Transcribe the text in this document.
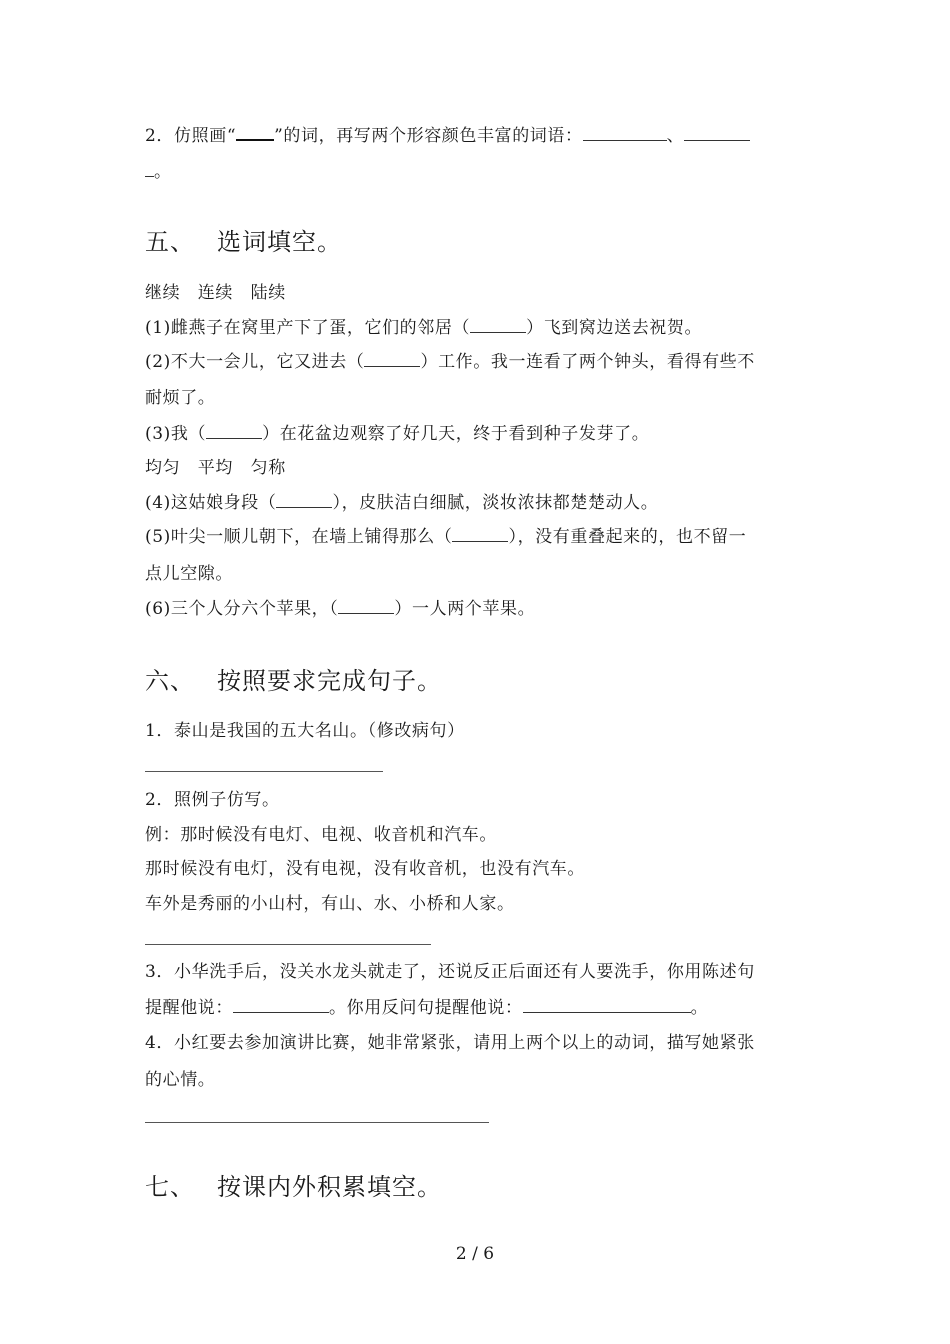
2．仿照画“ ”的词，再写两个形容颜色丰富的词语：	、
。
五、 选词填空。
继续　连续　陆续
(1)雌燕子在窝里产下了蛋，它们的邻居（	）飞到窝边送去祝贺。
(2)不大一会儿，它又进去（	）工作。我一连看了两个钟头，看得有些不
耐烦了。
(3)我（	）在花盆边观察了好几天，终于看到种子发芽了。
均匀　平均　匀称
(4)这姑娘身段（	），皮肤洁白细腻，淡妆浓抹都楚楚动人。
(5)叶尖一顺儿朝下，在墙上铺得那么（	），没有重叠起来的，也不留一
点儿空隙。
(6)三个人分六个苹果，（	）一人两个苹果。
六、 按照要求完成句子。
1．泰山是我国的五大名山。（修改病句）
2．照例子仿写。
例：那时候没有电灯、电视、收音机和汽车。
那时候没有电灯，没有电视，没有收音机，也没有汽车。
车外是秀丽的小山村，有山、水、小桥和人家。
3．小华洗手后，没关水龙头就走了，还说反正后面还有人要洗手，你用陈述句
提醒他说：	。你用反问句提醒他说：	。
4．小红要去参加演讲比赛，她非常紧张，请用上两个以上的动词，描写她紧张
的心情。
七、 按课内外积累填空。
2 / 6
